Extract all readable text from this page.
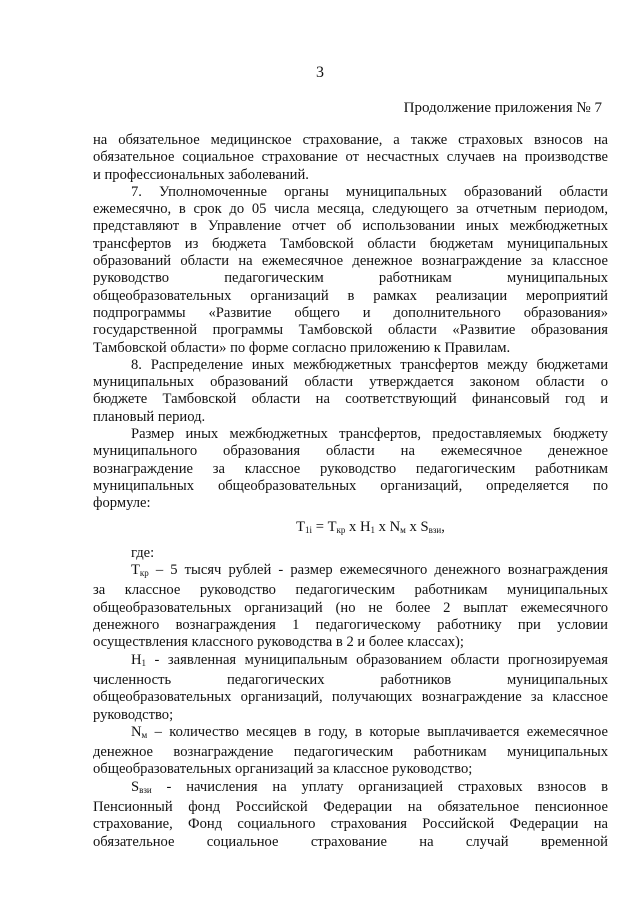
3
Продолжение приложения № 7
на обязательное медицинское страхование, а также страховых взносов на
обязательное социальное страхование от несчастных случаев на производстве
и профессиональных заболеваний.
7. Уполномоченные органы муниципальных образований области
ежемесячно, в срок до 05 числа месяца, следующего за отчетным периодом,
представляют в Управление отчет об использовании иных межбюджетных
трансфертов из бюджета Тамбовской области бюджетам муниципальных
образований области на ежемесячное денежное вознаграждение за классное
руководство педагогическим работникам муниципальных
общеобразовательных организаций в рамках реализации мероприятий
подпрограммы «Развитие общего и дополнительного образования»
государственной программы Тамбовской области «Развитие образования
Тамбовской области» по форме согласно приложению к Правилам.
8. Распределение иных межбюджетных трансфертов между бюджетами
муниципальных образований области утверждается законом области о
бюджете Тамбовской области на соответствующий финансовый год и
плановый период.
Размер иных межбюджетных трансфертов, предоставляемых бюджету
муниципального образования области на ежемесячное денежное
вознаграждение за классное руководство педагогическим работникам
муниципальных общеобразовательных организаций, определяется по
формуле:
$Т_{1i} = Т_{кр}$ x $Н_1$ x $N_м$ x $S_{взи}$,
где:
$Т_{кр} - 5$ тысяч рублей - размер ежемесячного денежного вознаграждения
за классное руководство педагогическим работникам муниципальных
общеобразовательных организаций (но не более 2 выплат ежемесячного
денежного вознаграждения 1 педагогическому работнику при условии
осуществления классного руководства в 2 и более классах);
$Н_1$ - заявленная муниципальным образованием области прогнозируемая
численность педагогических работников муниципальных
общеобразовательных организаций, получающих вознаграждение за классное
руководство;
$N_м$ – количество месяцев в году, в которые выплачивается ежемесячное
денежное вознаграждение педагогическим работникам муниципальных
общеобразовательных организаций за классное руководство;
$S_{взи}$ - начисления на уплату организацией страховых взносов в
Пенсионный фонд Российской Федерации на обязательное пенсионное
страхование, Фонд социального страхования Российской Федерации на
обязательное социальное страхование на случай временной
